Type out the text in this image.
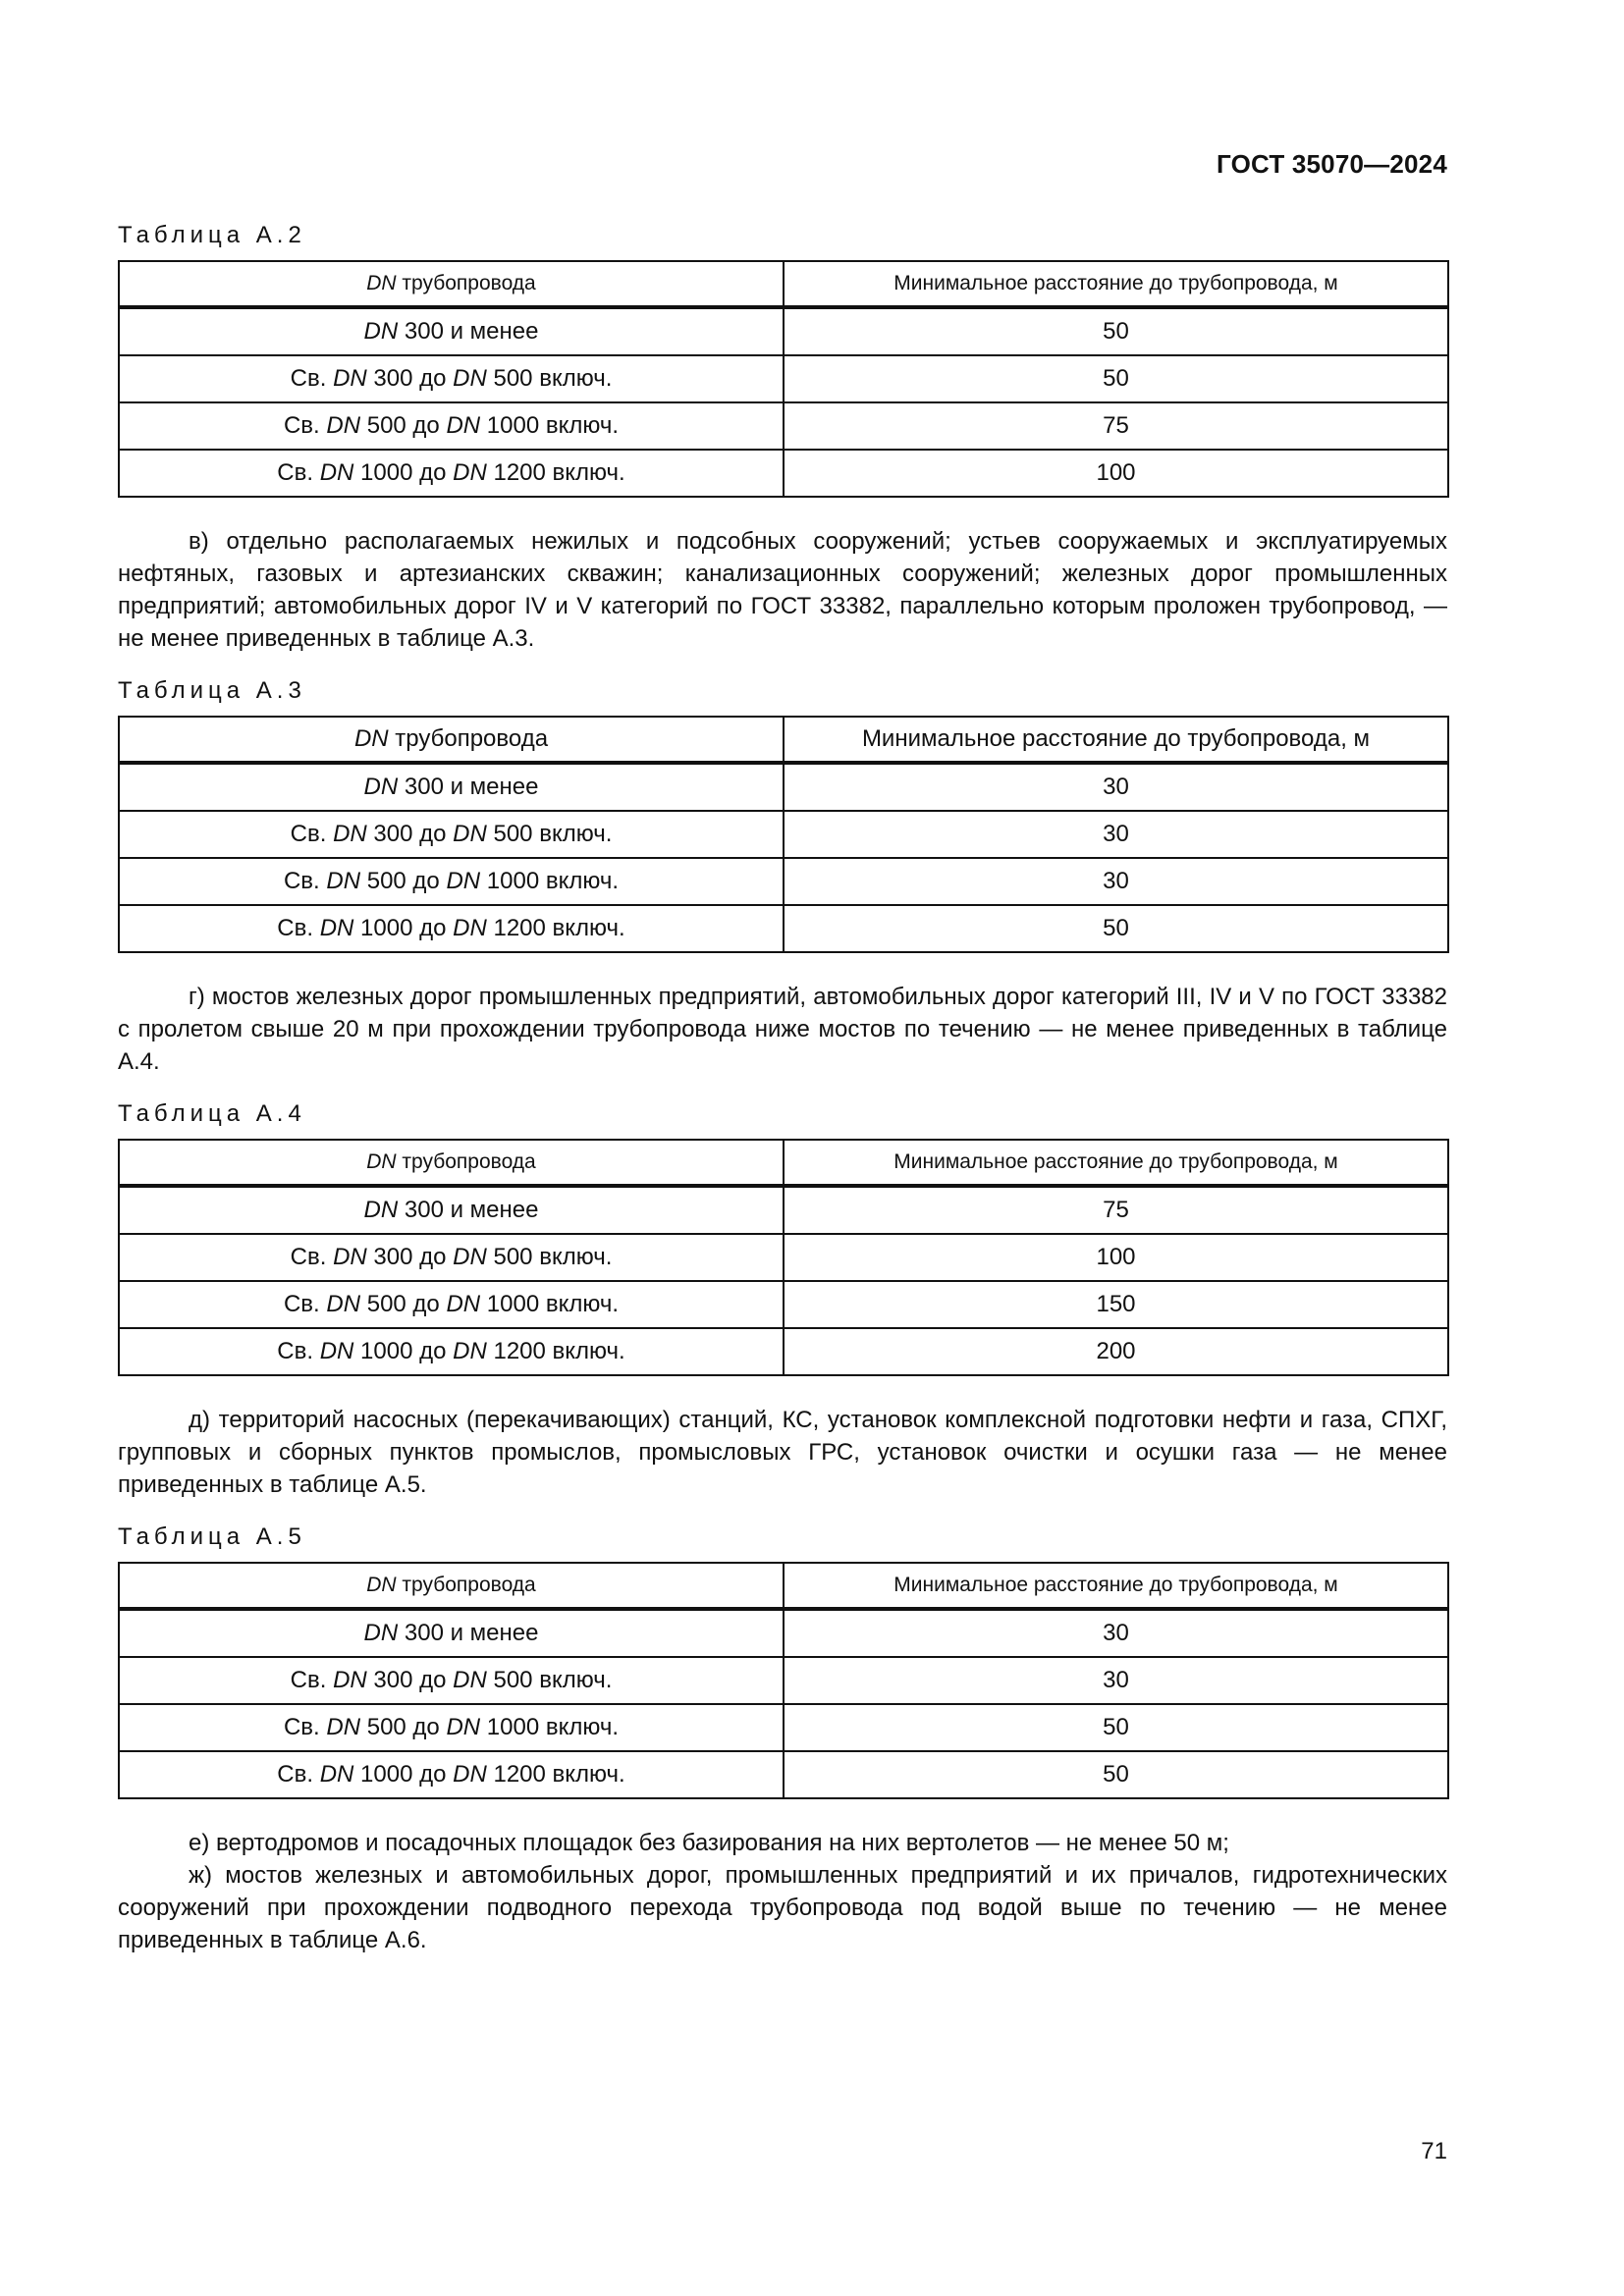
ГОСТ 35070—2024
Таблица А.2
DN трубопровода	Минимальное расстояние до трубопровода, м
DN 300 и менее	50
Св. DN 300 до DN 500 включ.	50
Св. DN 500 до DN 1000 включ.	75
Св. DN 1000 до DN 1200 включ.	100

в) отдельно располагаемых нежилых и подсобных сооружений; устьев сооружаемых и эксплуатируемых нефтяных, газовых и артезианских скважин; канализационных сооружений; железных дорог промышленных предприятий; автомобильных дорог IV и V категорий по ГОСТ 33382, параллельно которым проложен трубопровод, — не менее приведенных в таблице А.3.

Таблица А.3
DN трубопровода	Минимальное расстояние до трубопровода, м
DN 300 и менее	30
Св. DN 300 до DN 500 включ.	30
Св. DN 500 до DN 1000 включ.	30
Св. DN 1000 до DN 1200 включ.	50

г) мостов железных дорог промышленных предприятий, автомобильных дорог категорий III, IV и V по ГОСТ 33382 с пролетом свыше 20 м при прохождении трубопровода ниже мостов по течению — не менее приведенных в таблице А.4.

Таблица А.4
DN трубопровода	Минимальное расстояние до трубопровода, м
DN 300 и менее	75
Св. DN 300 до DN 500 включ.	100
Св. DN 500 до DN 1000 включ.	150
Св. DN 1000 до DN 1200 включ.	200

д) территорий насосных (перекачивающих) станций, КС, установок комплексной подготовки нефти и газа, СПХГ, групповых и сборных пунктов промыслов, промысловых ГРС, установок очистки и осушки газа — не менее приведенных в таблице А.5.

Таблица А.5
DN трубопровода	Минимальное расстояние до трубопровода, м
DN 300 и менее	30
Св. DN 300 до DN 500 включ.	30
Св. DN 500 до DN 1000 включ.	50
Св. DN 1000 до DN 1200 включ.	50

е) вертодромов и посадочных площадок без базирования на них вертолетов — не менее 50 м;

ж) мостов железных и автомобильных дорог, промышленных предприятий и их причалов, гидротехнических сооружений при прохождении подводного перехода трубопровода под водой выше по течению — не менее приведенных в таблице А.6.

71
